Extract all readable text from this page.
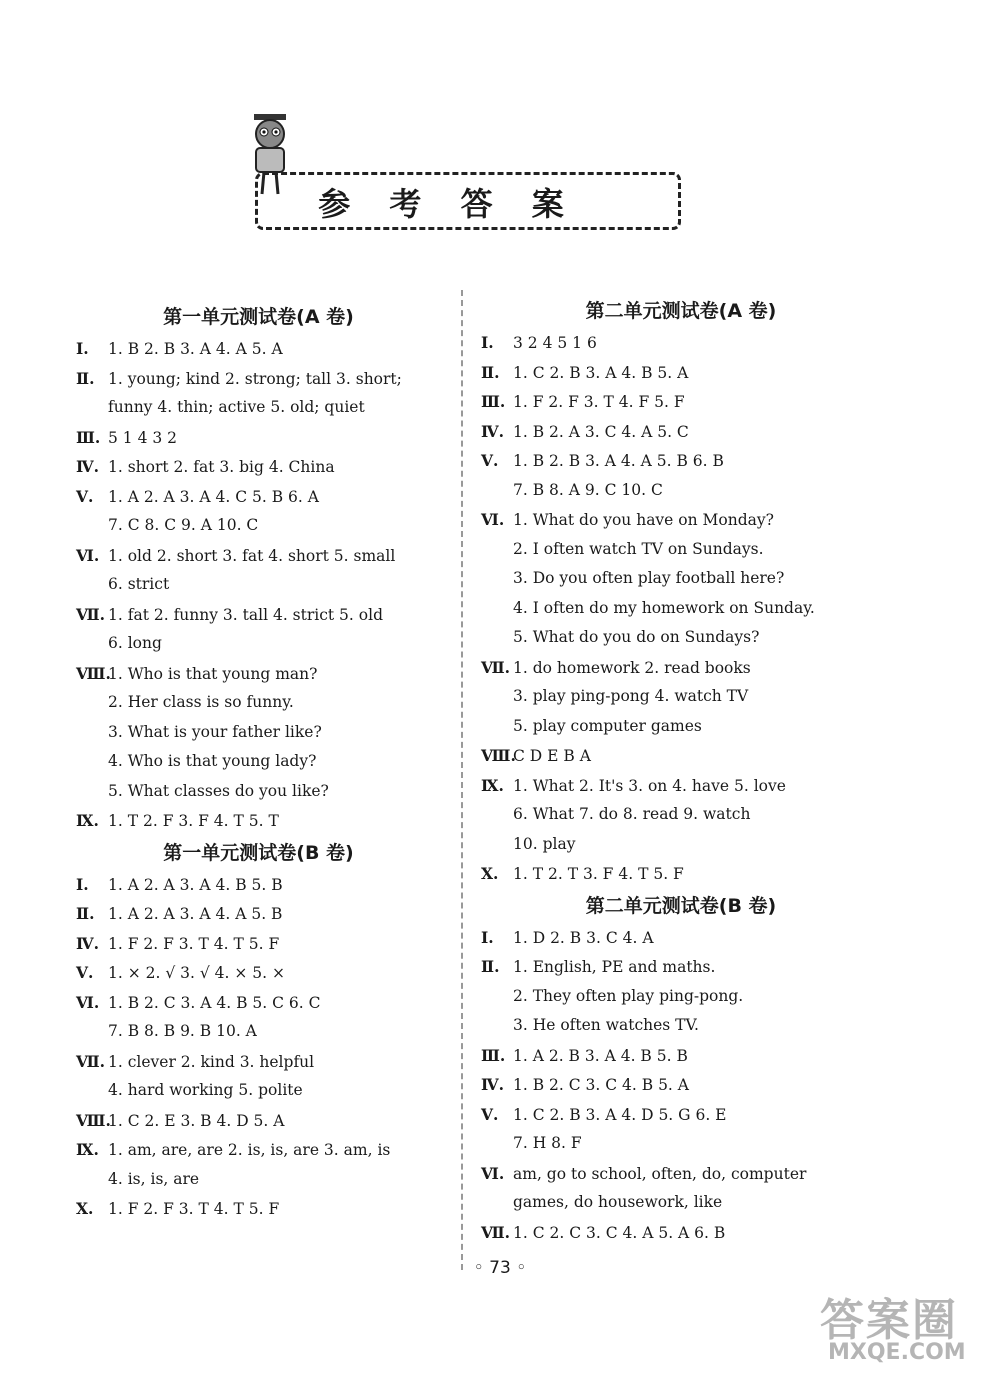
参 考 答 案
第一单元测试卷(A 卷)
Ⅰ. 1. B 2. B 3. A 4. A 5. A
Ⅱ. 1. young; kind 2. strong; tall 3. short;
funny 4. thin; active 5. old; quiet
Ⅲ. 5 1 4 3 2
Ⅳ. 1. short 2. fat 3. big 4. China
Ⅴ. 1. A 2. A 3. A 4. C 5. B 6. A
7. C 8. C 9. A 10. C
Ⅵ. 1. old 2. short 3. fat 4. short 5. small
6. strict
Ⅶ. 1. fat 2. funny 3. tall 4. strict 5. old
6. long
Ⅷ.1. Who is that young man?
2. Her class is so funny.
3. What is your father like?
4. Who is that young lady?
5. What classes do you like?
Ⅸ. 1. T 2. F 3. F 4. T 5. T
第一单元测试卷(B 卷)
Ⅰ. 1. A 2. A 3. A 4. B 5. B
Ⅱ. 1. A 2. A 3. A 4. A 5. B
Ⅳ. 1. F 2. F 3. T 4. T 5. F
Ⅴ. 1. × 2. √ 3. √ 4. × 5. ×
Ⅵ. 1. B 2. C 3. A 4. B 5. C 6. C
7. B 8. B 9. B 10. A
Ⅶ. 1. clever 2. kind 3. helpful
4. hard working 5. polite
Ⅷ.1. C 2. E 3. B 4. D 5. A
Ⅸ. 1. am, are, are 2. is, is, are 3. am, is
4. is, is, are
Ⅹ. 1. F 2. F 3. T 4. T 5. F
第二单元测试卷(A 卷)
Ⅰ. 3 2 4 5 1 6
Ⅱ. 1. C 2. B 3. A 4. B 5. A
Ⅲ. 1. F 2. F 3. T 4. F 5. F
Ⅳ. 1. B 2. A 3. C 4. A 5. C
Ⅴ. 1. B 2. B 3. A 4. A 5. B 6. B
7. B 8. A 9. C 10. C
Ⅵ. 1. What do you have on Monday?
2. I often watch TV on Sundays.
3. Do you often play football here?
4. I often do my homework on Sunday.
5. What do you do on Sundays?
Ⅶ. 1. do homework 2. read books
3. play ping-pong 4. watch TV
5. play computer games
Ⅷ.C D E B A
Ⅸ. 1. What 2. It's 3. on 4. have 5. love
6. What 7. do 8. read 9. watch
10. play
Ⅹ. 1. T 2. T 3. F 4. T 5. F
第二单元测试卷(B 卷)
Ⅰ. 1. D 2. B 3. C 4. A
Ⅱ. 1. English, PE and maths.
2. They often play ping-pong.
3. He often watches TV.
Ⅲ. 1. A 2. B 3. A 4. B 5. B
Ⅳ. 1. B 2. C 3. C 4. B 5. A
Ⅴ. 1. C 2. B 3. A 4. D 5. G 6. E
7. H 8. F
Ⅵ. am, go to school, often, do, computer
games, do housework, like
Ⅶ. 1. C 2. C 3. C 4. A 5. A 6. B
◦ 73 ◦
答案圈
MXQE.COM
